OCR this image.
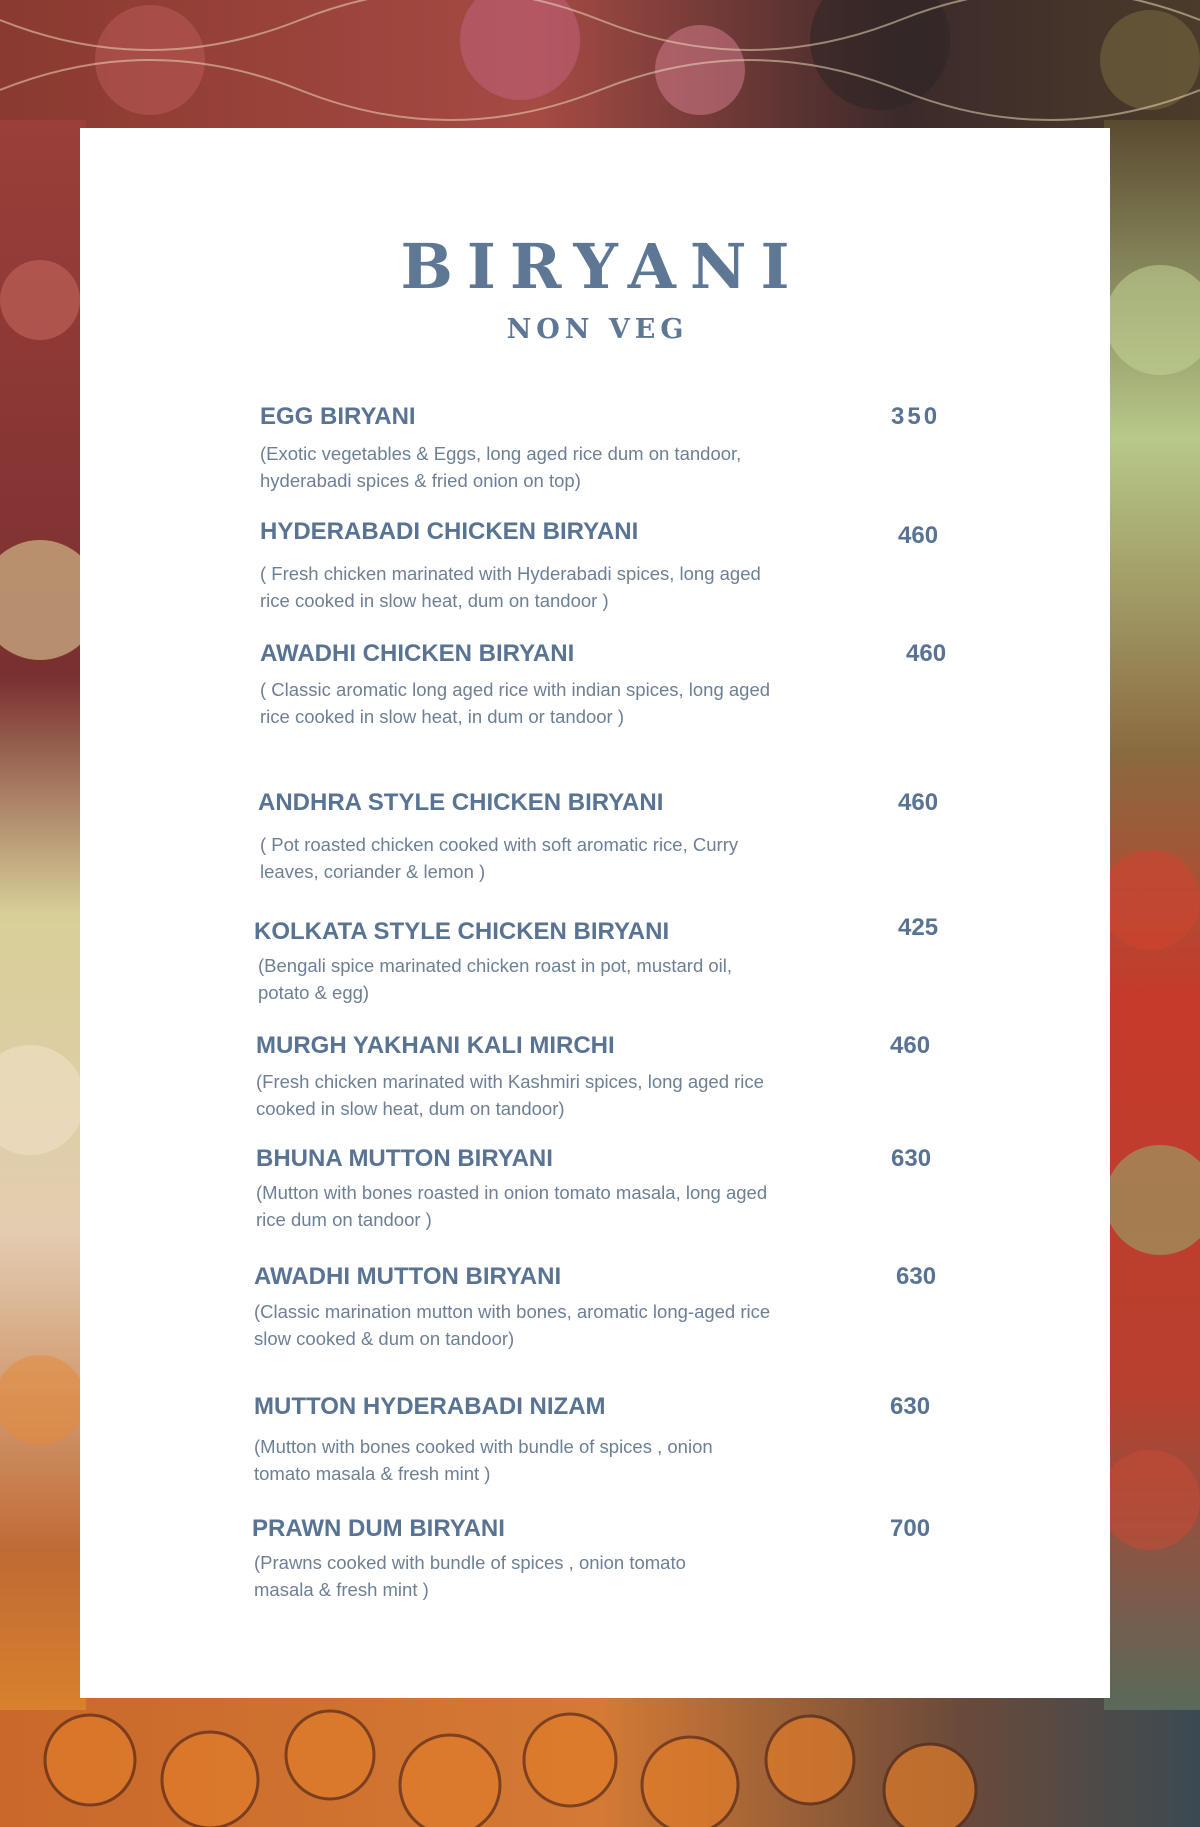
BIRYANI
NON VEG
EGG BIRYANI
(Exotic vegetables & Eggs, long aged rice dum on tandoor, hyderabadi spices & fried onion on top)
350
HYDERABADI CHICKEN BIRYANI
( Fresh chicken marinated with Hyderabadi spices, long aged rice cooked in slow heat, dum on tandoor )
460
AWADHI CHICKEN BIRYANI
( Classic aromatic long aged rice with indian spices, long aged rice cooked in slow heat, in dum or tandoor )
460
ANDHRA STYLE CHICKEN BIRYANI
( Pot roasted chicken cooked with soft aromatic rice, Curry leaves, coriander & lemon )
460
KOLKATA STYLE CHICKEN BIRYANI
(Bengali spice marinated chicken roast in pot, mustard oil, potato & egg)
425
MURGH YAKHANI KALI MIRCHI
(Fresh chicken marinated with Kashmiri spices, long aged rice cooked in slow heat, dum on tandoor)
460
BHUNA MUTTON BIRYANI
(Mutton with bones roasted in onion tomato masala, long aged rice dum on tandoor )
630
AWADHI MUTTON BIRYANI
(Classic marination mutton with bones, aromatic long-aged rice slow cooked & dum on tandoor)
630
MUTTON HYDERABADI NIZAM
(Mutton with bones cooked with bundle of spices , onion tomato masala & fresh mint )
630
PRAWN DUM BIRYANI
(Prawns cooked with bundle of spices , onion tomato masala & fresh mint )
700
